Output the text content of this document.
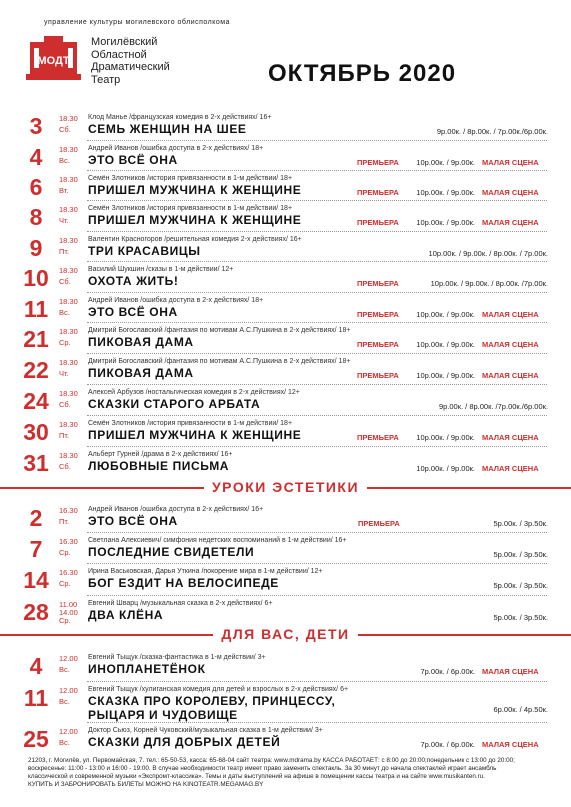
управление культуры могилевского облисполкома
МОДТ
Могилёвский
Областной
Драматический
Театр	ОКТЯБРЬ 2020
3	18.30
Сб.
Клод Манье /французская комедия в 2-х действиях/ 16+
СЕМЬ ЖЕНЩИН НА ШЕЕ	9р.00к. / 8р.00к. / 7р.00к./6р.00к.
4	18.30
Вс.
Андрей Иванов /ошибка доступа в 2-х действиях/ 18+
ЭТО ВСЁ ОНА	ПРЕМЬЕРА 10р.00к. / 9р.00к. МАЛАЯ СЦЕНА
6	18.30
Вт.
Семён Злотников /история привязанности в 1-м действии/ 18+
ПРИШЕЛ МУЖЧИНА К ЖЕНЩИНЕ	ПРЕМЬЕРА 10р.00к. / 9р.00к. МАЛАЯ СЦЕНА
8	18.30
Чт.
Семён Злотников /история привязанности в 1-м действии/ 18+
ПРИШЕЛ МУЖЧИНА К ЖЕНЩИНЕ	ПРЕМЬЕРА 10р.00к. / 9р.00к. МАЛАЯ СЦЕНА
9	18.30
Пт.
Валентин Красногоров /решительная комедия 2-х действиях/ 16+
ТРИ КРАСАВИЦЫ	10р.00к. / 9р.00к. / 8р.00к. / 7р.00к.
10	18.30
Сб.
Василий Шукшин /сказы в 1-м действии/ 12+
ОХОТА ЖИТЬ!	ПРЕМЬЕРА	10р.00к. / 9р.00к. / 8р.00к. /7р.00к.
11	18.30
Вс.
Андрей Иванов /ошибка доступа в 2-х действиях/ 18+
ЭТО ВСЁ ОНА	ПРЕМЬЕРА 10р.00к. / 9р.00к. МАЛАЯ СЦЕНА
21	18.30
Ср.
Дмитрий Богославский /фантазия по мотивам А.С.Пушкина в 2-х действиях/ 18+
ПИКОВАЯ ДАМА	ПРЕМЬЕРА 10р.00к. / 9р.00к. МАЛАЯ СЦЕНА
22	18.30
Чт.
Дмитрий Богославский /фантазия по мотивам А.С.Пушкина в 2-х действиях/ 18+
ПИКОВАЯ ДАМА	ПРЕМЬЕРА 10р.00к. / 9р.00к. МАЛАЯ СЦЕНА
24	18.30
Сб.
Алексей Арбузов /ностальгическая комедия в 2-х действиях/ 12+
СКАЗКИ СТАРОГО АРБАТА	9р.00к. / 8р.00к. /7р.00к./6р.00к.
30	18.30
Пт.
Семён Злотников /история привязанности в 1-м действии/ 18+
ПРИШЕЛ МУЖЧИНА К ЖЕНЩИНЕ	ПРЕМЬЕРА 10р.00к. / 9р.00к. МАЛАЯ СЦЕНА
31	18.30
Сб.
Альберт Гурней /драма в 2-х действиях/ 16+
ЛЮБОВНЫЕ ПИСЬМА	10р.00к. / 9р.00к. МАЛАЯ СЦЕНА
УРОКИ ЭСТЕТИКИ
2	16.30
Пт.
Андрей Иванов /ошибка доступа в 2-х действиях/ 16+
ЭТО ВСЁ ОНА	ПРЕМЬЕРА	5р.00к. / 3р.50к.
7	16.30
Ср.
Светлана Алексиевич/ симфония недетских воспоминаний в 1-м действии/ 16+
ПОСЛЕДНИЕ СВИДЕТЕЛИ	5р.00к. / 3р.50к.
14	16.30
Ср.
Ирина Васьковская, Дарья Уткина /покорение мира в 1-м действии/ 12+
БОГ ЕЗДИТ НА ВЕЛОСИПЕДЕ	5р.00к. / 3р.50к.
28	11.00
14.00
Ср.
Евгений Шварц /музыкальная сказка в 2-х действиях/ 6+
ДВА КЛЁНА	5р.00к. / 3р.50к.
ДЛЯ ВАС, ДЕТИ
4	12.00
Вс.
Евгений Тыщук /сказка-фантастика в 1-м действии/ 3+
ИНОПЛАНЕТЁНОК	7р.00к. / 6р.00к. МАЛАЯ СЦЕНА
11	12.00
Вс.
Евгений Тыщук /хулиганская комедия для детей и взрослых в 2-х действиях/ 6+
СКАЗКА ПРО КОРОЛЕВУ, ПРИНЦЕССУ,
РЫЦАРЯ И ЧУДОВИЩЕ	6р.00к. / 4р.50к.
25	12.00
Вс.
Доктор Сьюз, Корней Чуковский/музыкальная сказка в 1-м действии/ 3+
СКАЗКИ ДЛЯ ДОБРЫХ ДЕТЕЙ	7р.00к. / 6р.00к. МАЛАЯ СЦЕНА
21203, г. Могилёв, ул. Первомайская, 7. тел.: 65-50-53, касса: 65-68-04 сайт театра: www.mdrama.by КАССА РАБОТАЕТ: с 8:00 до 20:00;понедельник с 13:00 до 20:00;
воскресенье: 11:00 - 13:00 и 16:00 - 19:00. В случае необходимости театр имеет право заменить спектакль. За 30 минут до начала спектаклей играет ансамбль
классической и современной музыки «Экспромт-классика». Темы и даты выступлений на афише в помещении кассы театра и на сайте www.musikanten.ru.
КУПИТЬ И ЗАБРОНИРОВАТЬ БИЛЕТЫ МОЖНО НА KINOTEATR.MEGAMAG.BY
